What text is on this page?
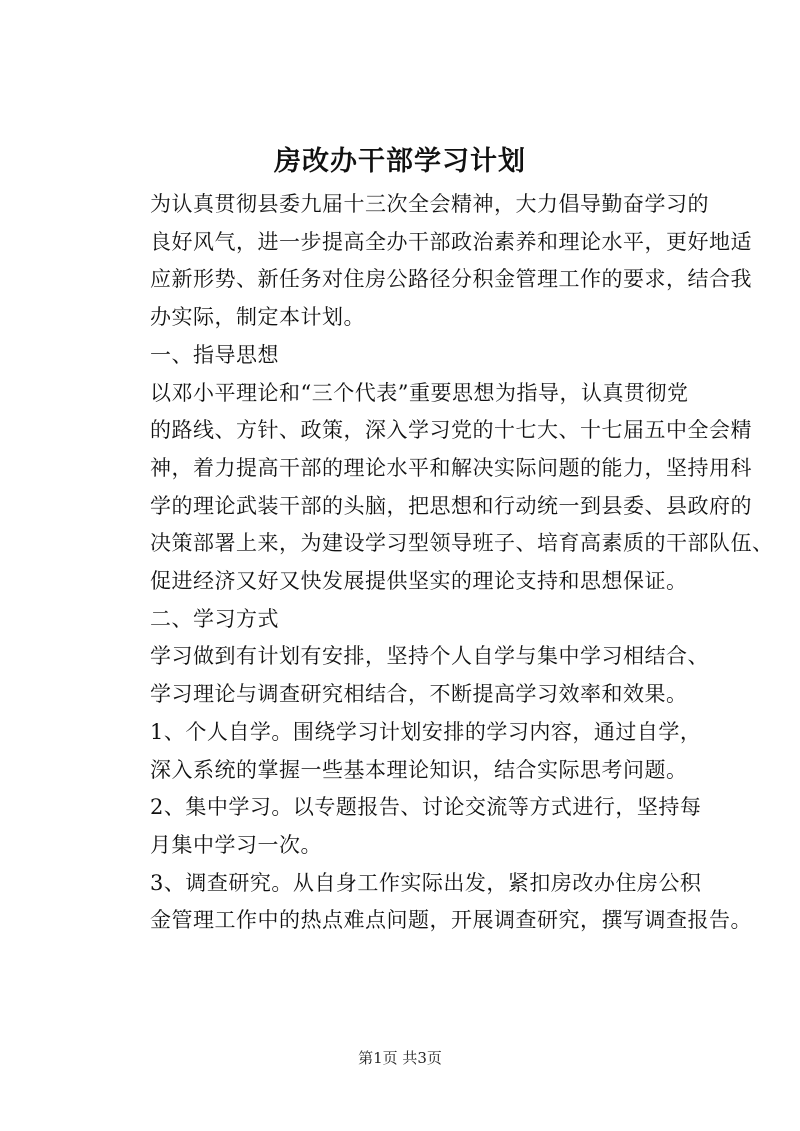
房改办干部学习计划

为认真贯彻县委九届十三次全会精神，大力倡导勤奋学习的
良好风气，进一步提高全办干部政治素养和理论水平，更好地适
应新形势、新任务对住房公路径分积金管理工作的要求，结合我
办实际，制定本计划。

一、指导思想

以邓小平理论和“三个代表”重要思想为指导，认真贯彻党
的路线、方针、政策，深入学习党的十七大、十七届五中全会精
神，着力提高干部的理论水平和解决实际问题的能力，坚持用科
学的理论武装干部的头脑，把思想和行动统一到县委、县政府的
决策部署上来，为建设学习型领导班子、培育高素质的干部队伍、
促进经济又好又快发展提供坚实的理论支持和思想保证。

二、学习方式

学习做到有计划有安排，坚持个人自学与集中学习相结合、
学习理论与调查研究相结合，不断提高学习效率和效果。

1、个人自学。围绕学习计划安排的学习内容，通过自学，
深入系统的掌握一些基本理论知识，结合实际思考问题。

2、集中学习。以专题报告、讨论交流等方式进行，坚持每
月集中学习一次。

3、调查研究。从自身工作实际出发，紧扣房改办住房公积
金管理工作中的热点难点问题，开展调查研究，撰写调查报告。

第1页 共3页
